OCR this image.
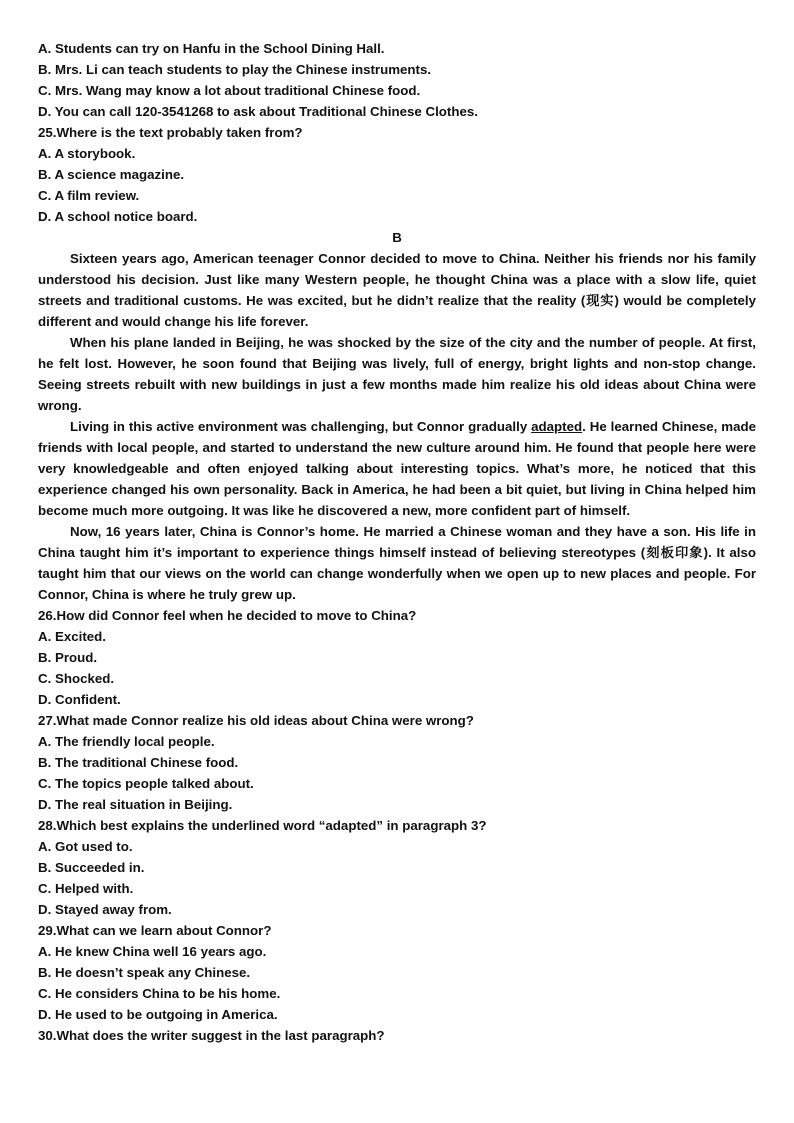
A. Students can try on Hanfu in the School Dining Hall.
B. Mrs. Li can teach students to play the Chinese instruments.
C. Mrs. Wang may know a lot about traditional Chinese food.
D. You can call 120-3541268 to ask about Traditional Chinese Clothes.
25.Where is the text probably taken from?
A. A storybook.
B. A science magazine.
C. A film review.
D. A school notice board.
B

Sixteen years ago, American teenager Connor decided to move to China. Neither his friends nor his family understood his decision. Just like many Western people, he thought China was a place with a slow life, quiet streets and traditional customs. He was excited, but he didn’t realize that the reality (现实) would be completely different and would change his life forever.

When his plane landed in Beijing, he was shocked by the size of the city and the number of people. At first, he felt lost. However, he soon found that Beijing was lively, full of energy, bright lights and non-stop change. Seeing streets rebuilt with new buildings in just a few months made him realize his old ideas about China were wrong.

Living in this active environment was challenging, but Connor gradually adapted. He learned Chinese, made friends with local people, and started to understand the new culture around him. He found that people here were very knowledgeable and often enjoyed talking about interesting topics. What’s more, he noticed that this experience changed his own personality. Back in America, he had been a bit quiet, but living in China helped him become much more outgoing. It was like he discovered a new, more confident part of himself.

Now, 16 years later, China is Connor’s home. He married a Chinese woman and they have a son. His life in China taught him it’s important to experience things himself instead of believing stereotypes (刻板印象). It also taught him that our views on the world can change wonderfully when we open up to new places and people. For Connor, China is where he truly grew up.

26.How did Connor feel when he decided to move to China?
A. Excited.
B. Proud.
C. Shocked.
D. Confident.
27.What made Connor realize his old ideas about China were wrong?
A. The friendly local people.
B. The traditional Chinese food.
C. The topics people talked about.
D. The real situation in Beijing.
28.Which best explains the underlined word “adapted” in paragraph 3?
A. Got used to.
B. Succeeded in.
C. Helped with.
D. Stayed away from.
29.What can we learn about Connor?
A. He knew China well 16 years ago.
B. He doesn’t speak any Chinese.
C. He considers China to be his home.
D. He used to be outgoing in America.
30.What does the writer suggest in the last paragraph?
